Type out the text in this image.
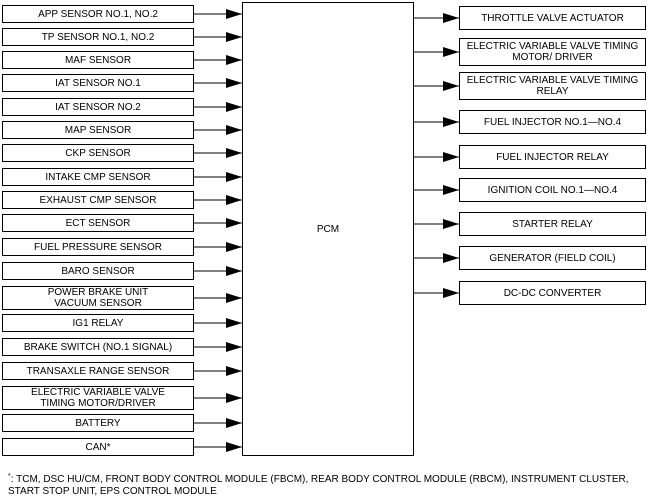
APP SENSOR NO.1, NO.2
TP SENSOR NO.1, NO.2
MAF SENSOR
IAT SENSOR NO.1
IAT SENSOR NO.2
MAP SENSOR
CKP SENSOR
INTAKE CMP SENSOR
EXHAUST CMP SENSOR
ECT SENSOR
FUEL PRESSURE SENSOR
BARO SENSOR
POWER BRAKE UNIT
VACUUM SENSOR
IG1 RELAY
BRAKE SWITCH (NO.1 SIGNAL)
TRANSAXLE RANGE SENSOR
ELECTRIC VARIABLE VALVE
TIMING MOTOR/DRIVER
BATTERY
CAN*
PCM
THROTTLE VALVE ACTUATOR
ELECTRIC VARIABLE VALVE TIMING
MOTOR/ DRIVER
ELECTRIC VARIABLE VALVE TIMING
RELAY
FUEL INJECTOR NO.1—NO.4
FUEL INJECTOR RELAY
IGNITION COIL NO.1—NO.4
STARTER RELAY
GENERATOR (FIELD COIL)
DC-DC CONVERTER
*: TCM, DSC HU/CM, FRONT BODY CONTROL MODULE (FBCM), REAR BODY CONTROL MODULE (RBCM), INSTRUMENT CLUSTER, START STOP UNIT, EPS CONTROL MODULE
